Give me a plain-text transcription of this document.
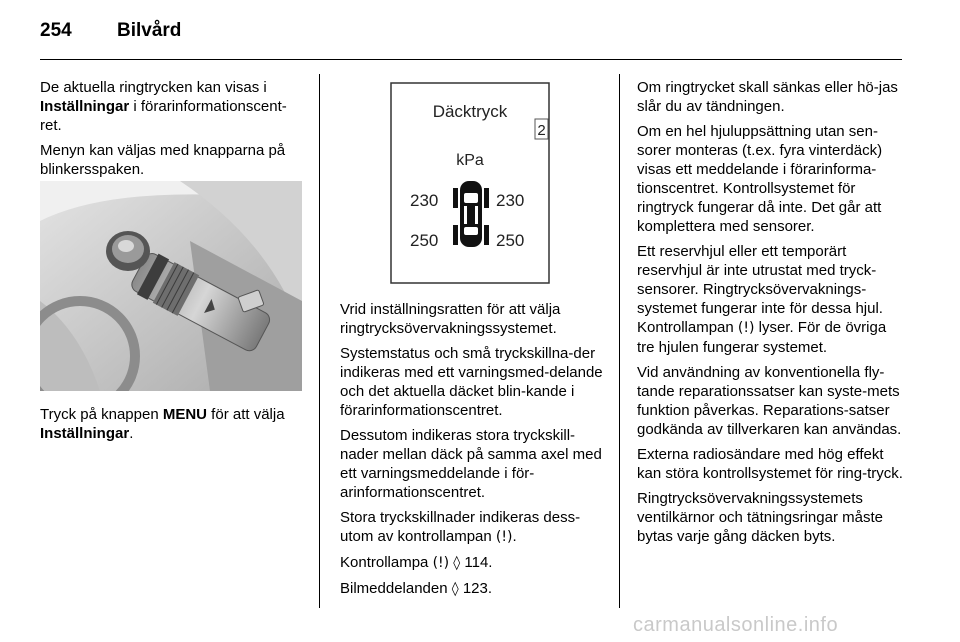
254 Bilvård

De aktuella ringtrycken kan visas i Inställningar i förarinformationscent-ret.

Menyn kan väljas med knapparna på blinkersspaken.

Tryck på knappen MENU för att välja Inställningar.

Däcktryck
2
kPa
230	230
250	250

Vrid inställningsratten för att välja ringtrycksövervakningssystemet.

Systemstatus och små tryckskillna-der indikeras med ett varningsmed-delande och det aktuella däcket blin-kande i förarinformationscentret.

Dessutom indikeras stora tryckskill-nader mellan däck på samma axel med ett varningsmeddelande i för-arinformationscentret.

Stora tryckskillnader indikeras dess-utom av kontrollampan (!).

Kontrollampa (!) ◊ 114.

Bilmeddelanden ◊ 123.

Om ringtrycket skall sänkas eller hö-jas slår du av tändningen.

Om en hel hjuluppsättning utan sen-sorer monteras (t.ex. fyra vinterdäck) visas ett meddelande i förarinforma-tionscentret. Kontrollsystemet för ringtryck fungerar då inte. Det går att komplettera med sensorer.

Ett reservhjul eller ett temporärt reservhjul är inte utrustat med tryck-sensorer. Ringtrycksövervaknings-systemet fungerar inte för dessa hjul. Kontrollampan (!) lyser. För de övriga tre hjulen fungerar systemet.

Vid användning av konventionella fly-tande reparationssatser kan syste-mets funktion påverkas. Reparations-satser godkända av tillverkaren kan användas.

Externa radiosändare med hög effekt kan störa kontrollsystemet för ring-tryck.

Ringtrycksövervakningssystemets ventilkärnor och tätningsringar måste bytas varje gång däcken byts.

carmanualsonline.info
